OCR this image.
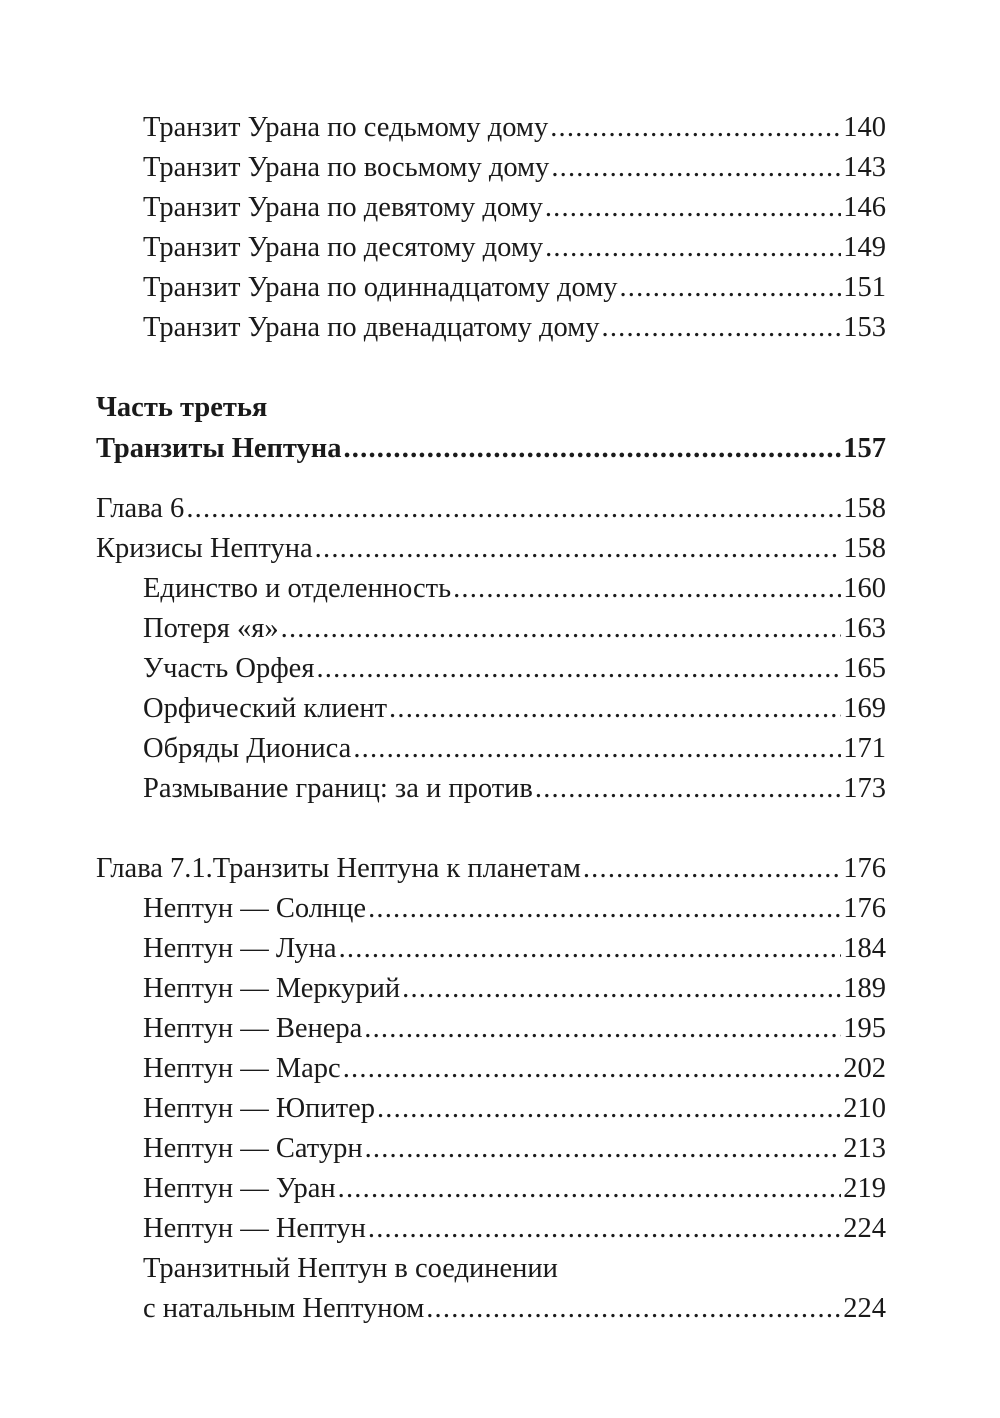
Транзит Урана по седьмому дому .....	140
Транзит Урана по восьмому дому .....	143
Транзит Урана по девятому дому .....	146
Транзит Урана по десятому дому .....	149
Транзит Урана по одиннадцатому дому .....	151
Транзит Урана по двенадцатому дому .....	153
Часть третья
Транзиты Нептуна .....	157
Глава 6 .....	158
Кризисы Нептуна .....	158
Единство и отделенность .....	160
Потеря «я» .....	163
Участь Орфея .....	165
Орфический клиент .....	169
Обряды Диониса .....	171
Размывание границ: за и против .....	173
Глава 7.1.Транзиты Нептуна к планетам .....	176
Нептун — Солнце .....	176
Нептун — Луна .....	184
Нептун — Меркурий .....	189
Нептун — Венера .....	195
Нептун — Марс .....	202
Нептун — Юпитер .....	210
Нептун — Сатурн .....	213
Нептун — Уран .....	219
Нептун — Нептун .....	224
Транзитный Нептун в соединении
с натальным Нептуном .....	224
